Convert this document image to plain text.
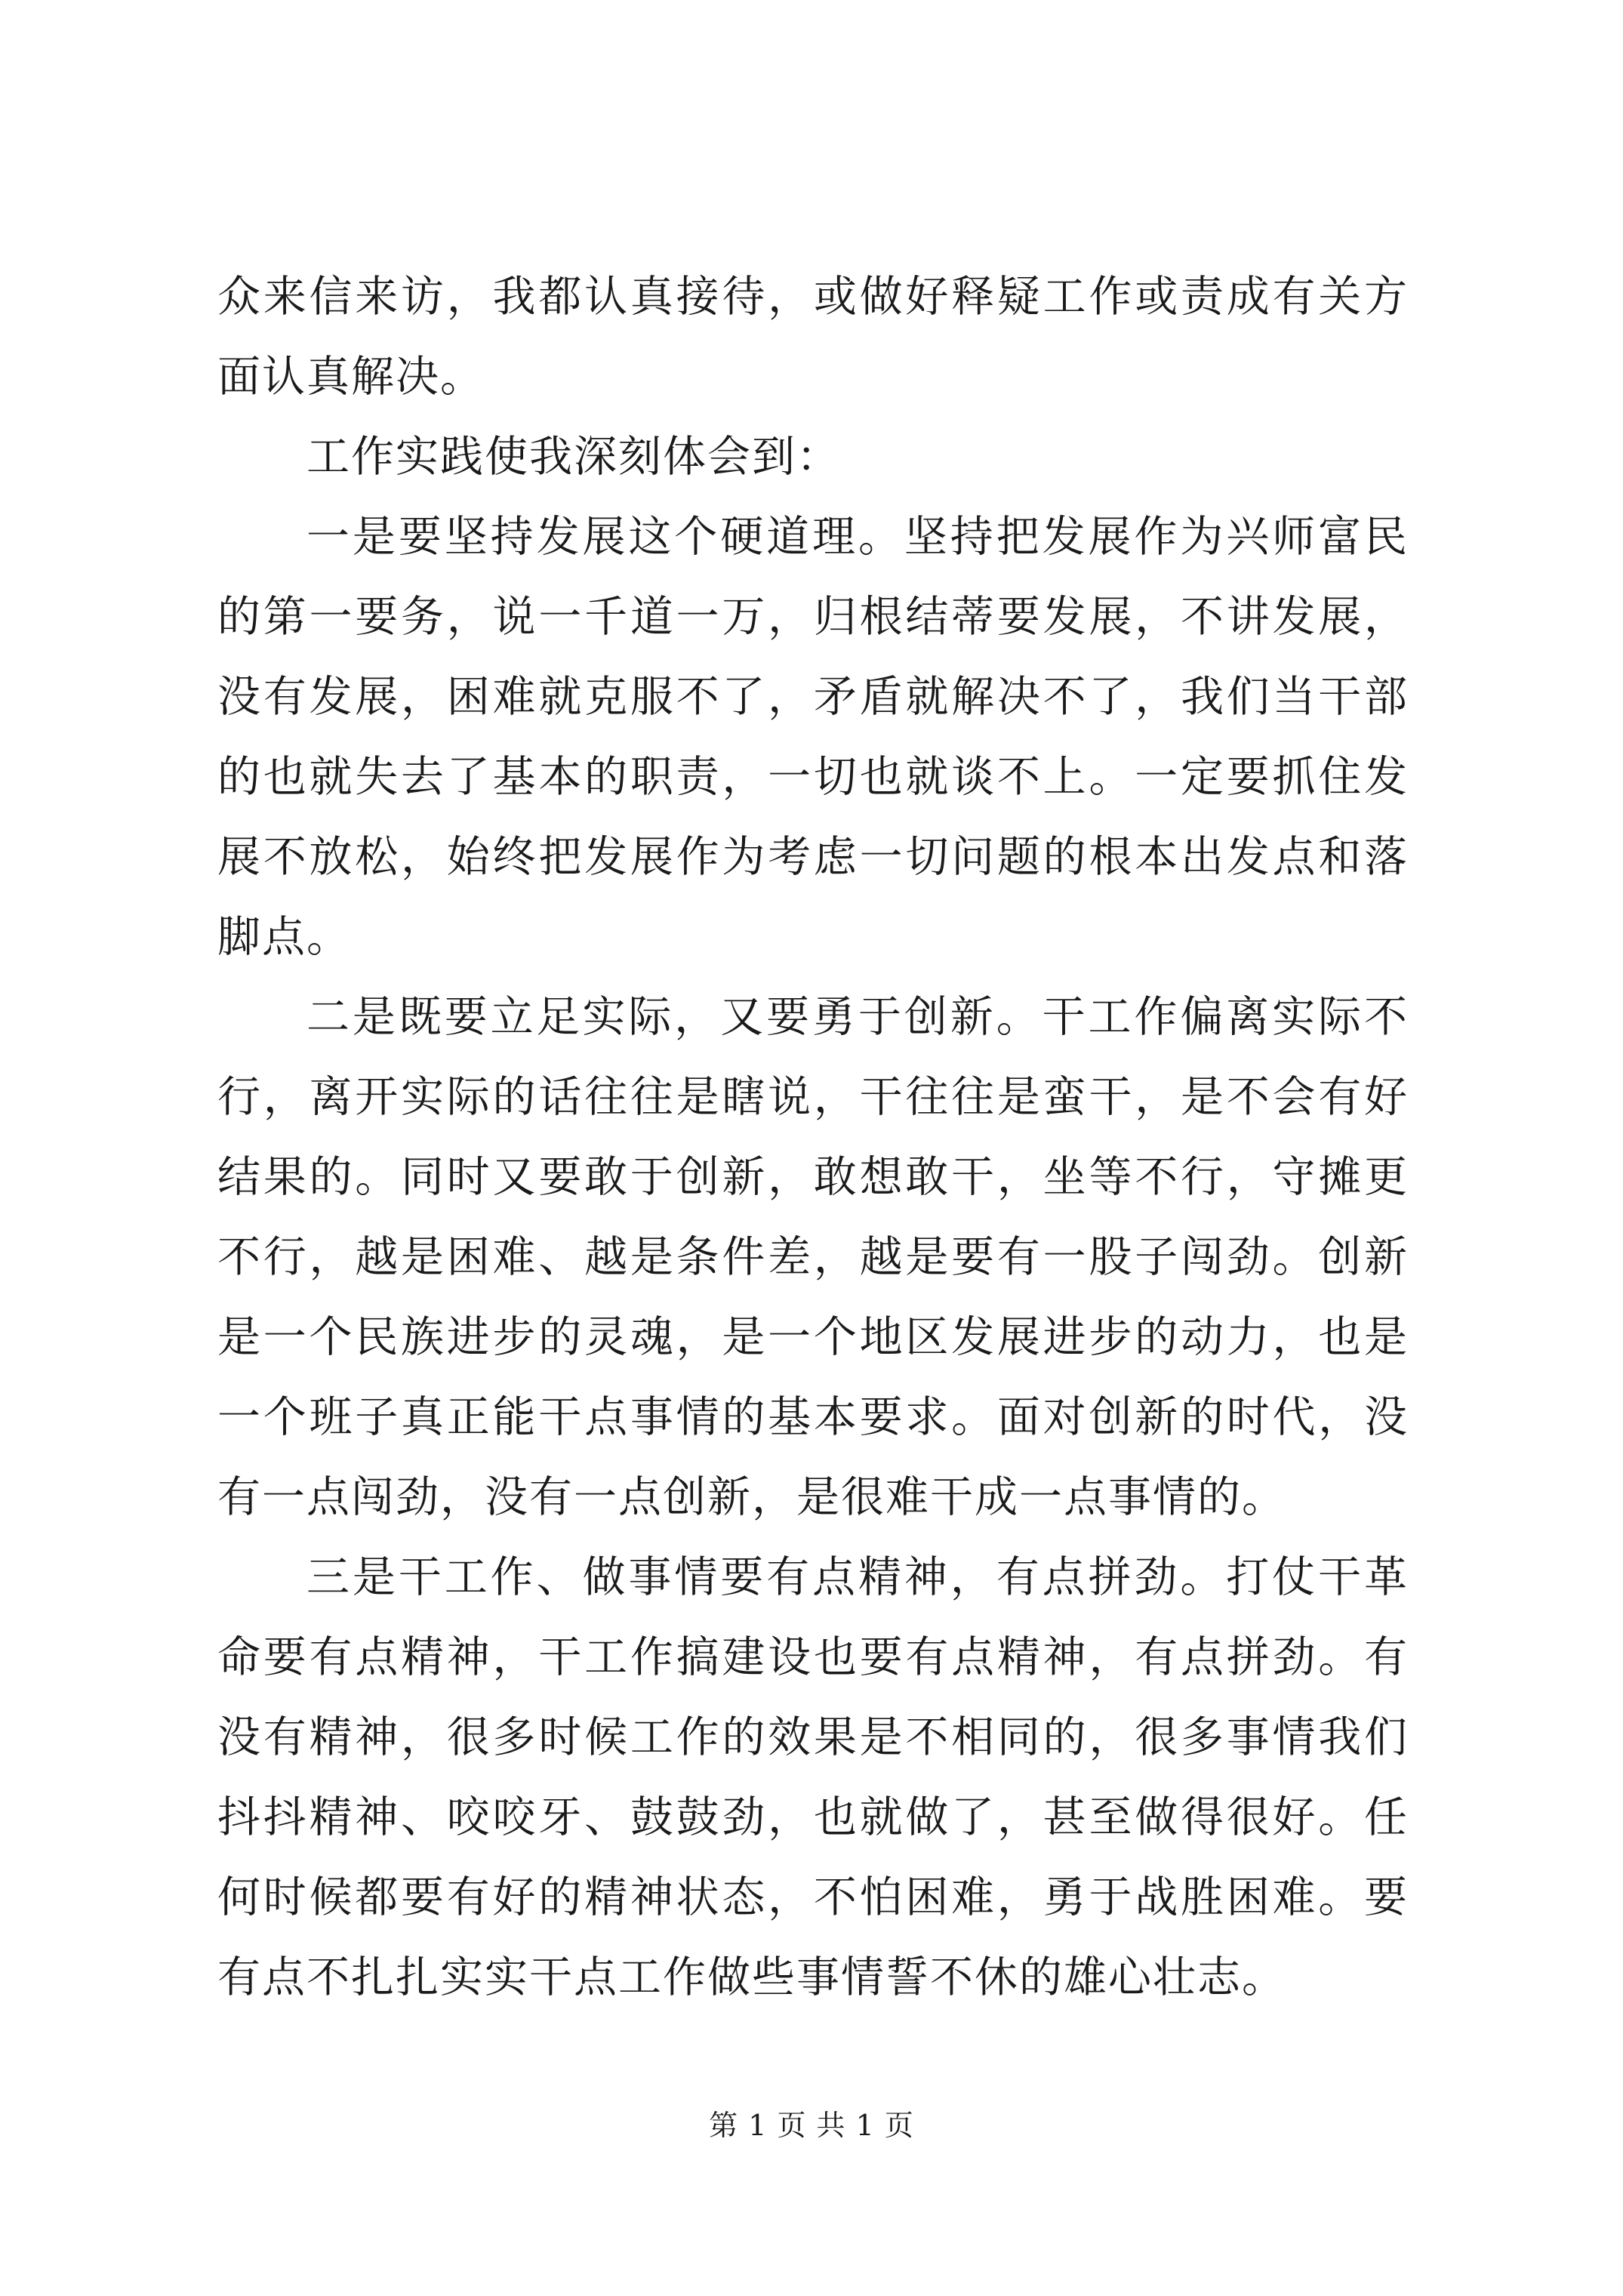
众来信来访，我都认真接待，或做好释疑工作或责成有关方面认真解决。

工作实践使我深刻体会到：

一是要坚持发展这个硬道理。坚持把发展作为兴师富民的第一要务，说一千道一万，归根结蒂要发展，不讲发展，没有发展，困难就克服不了，矛盾就解决不了，我们当干部的也就失去了基本的职责，一切也就谈不上。一定要抓住发展不放松，始终把发展作为考虑一切问题的根本出发点和落脚点。

二是既要立足实际，又要勇于创新。干工作偏离实际不行，离开实际的话往往是瞎说，干往往是蛮干，是不会有好结果的。同时又要敢于创新，敢想敢干，坐等不行，守摊更不行，越是困难、越是条件差，越是要有一股子闯劲。创新是一个民族进步的灵魂，是一个地区发展进步的动力，也是一个班子真正能干点事情的基本要求。面对创新的时代，没有一点闯劲，没有一点创新，是很难干成一点事情的。

三是干工作、做事情要有点精神，有点拼劲。打仗干革命要有点精神，干工作搞建设也要有点精神，有点拼劲。有没有精神，很多时候工作的效果是不相同的，很多事情我们抖抖精神、咬咬牙、鼓鼓劲，也就做了，甚至做得很好。任何时候都要有好的精神状态，不怕困难，勇于战胜困难。要有点不扎扎实实干点工作做些事情誓不休的雄心壮志。

第 1 页 共 1 页
